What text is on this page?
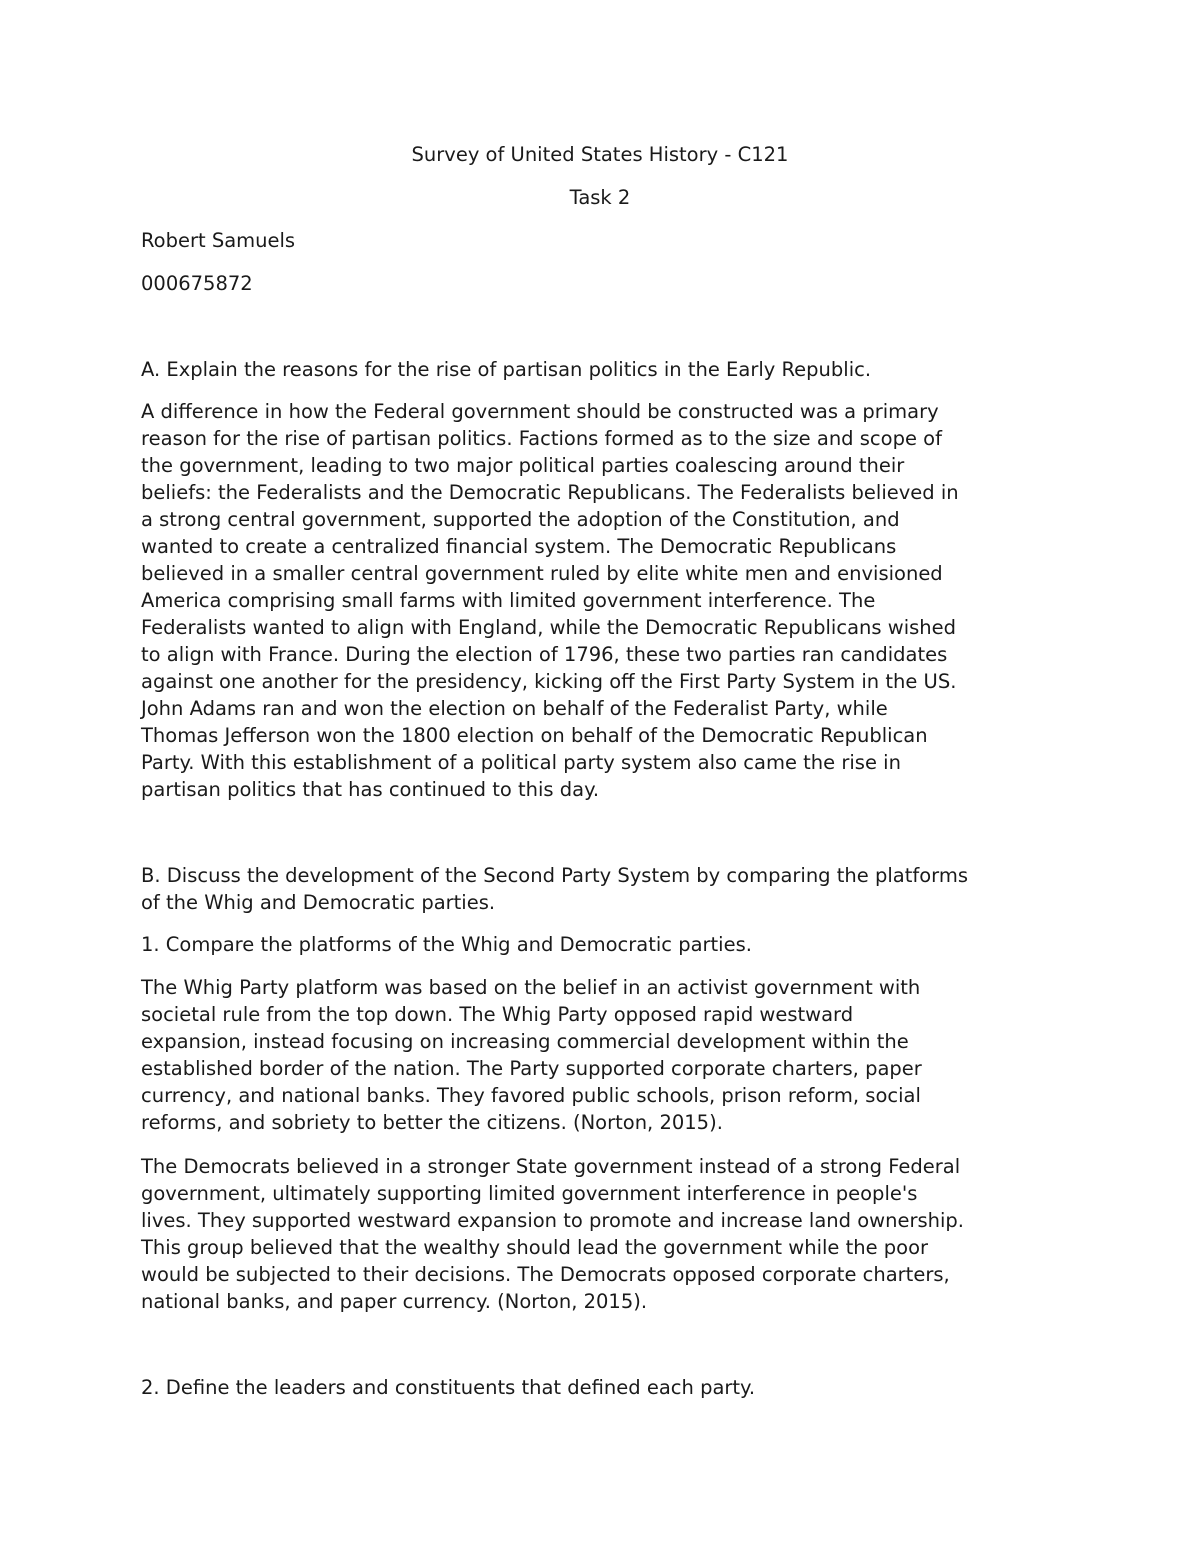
Survey of United States History - C121

Task 2

Robert Samuels

000675872

A. Explain the reasons for the rise of partisan politics in the Early Republic.

A difference in how the Federal government should be constructed was a primary
reason for the rise of partisan politics. Factions formed as to the size and scope of
the government, leading to two major political parties coalescing around their
beliefs: the Federalists and the Democratic Republicans. The Federalists believed in
a strong central government, supported the adoption of the Constitution, and
wanted to create a centralized financial system. The Democratic Republicans
believed in a smaller central government ruled by elite white men and envisioned
America comprising small farms with limited government interference. The
Federalists wanted to align with England, while the Democratic Republicans wished
to align with France. During the election of 1796, these two parties ran candidates
against one another for the presidency, kicking off the First Party System in the US.
John Adams ran and won the election on behalf of the Federalist Party, while
Thomas Jefferson won the 1800 election on behalf of the Democratic Republican
Party. With this establishment of a political party system also came the rise in
partisan politics that has continued to this day.
B. Discuss the development of the Second Party System by comparing the platforms
of the Whig and Democratic parties.

1. Compare the platforms of the Whig and Democratic parties.

The Whig Party platform was based on the belief in an activist government with
societal rule from the top down. The Whig Party opposed rapid westward
expansion, instead focusing on increasing commercial development within the
established border of the nation. The Party supported corporate charters, paper
currency, and national banks. They favored public schools, prison reform, social
reforms, and sobriety to better the citizens. (Norton, 2015).
The Democrats believed in a stronger State government instead of a strong Federal
government, ultimately supporting limited government interference in people's
lives. They supported westward expansion to promote and increase land ownership.
This group believed that the wealthy should lead the government while the poor
would be subjected to their decisions. The Democrats opposed corporate charters,
national banks, and paper currency. (Norton, 2015).

2. Define the leaders and constituents that defined each party.
